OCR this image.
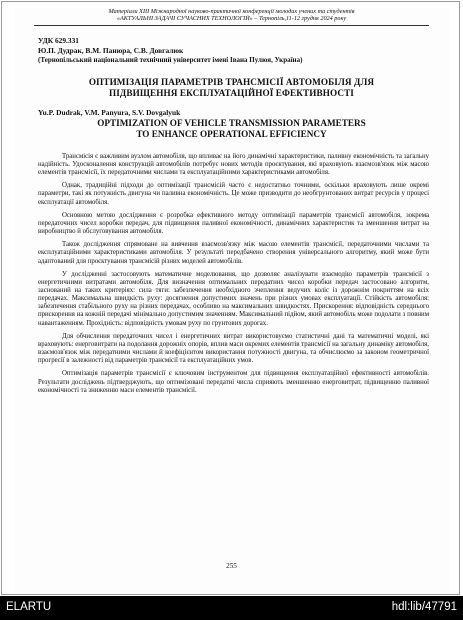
Матеріали XIII Міжнародної науково-практичної конференції молодих учених та студентів
«АКТУАЛЬНІ ЗАДАЧІ СУЧАСНИХ ТЕХНОЛОГІЙ» – Тернопіль,11-12 грудня 2024 року
УДК 629.331
Ю.П. Дудрак, В.М. Панюра, С.В. Довгалюк
(Тернопільський національний технічний університет імені Івана Пулюя, Україна)
ОПТИМІЗАЦІЯ ПАРАМЕТРІВ ТРАНСМІСІЇ АВТОМОБІЛЯ ДЛЯ
ПІДВИЩЕННЯ ЕКСПЛУАТАЦІЙНОЇ ЕФЕКТИВНОСТІ
Yu.P. Dudrak, V.M. Panyura, S.V. Dovgalyuk
OPTIMIZATION OF VEHICLE TRANSMISSION PARAMETERS
TO ENHANCE OPERATIONAL EFFICIENCY

Трансмісія є важливим вузлом автомобіля, що впливає на його динамічні характеристики, паливну економічність та загальну надійність. Удосконалення конструкцій автомобілів потребує нових методів проєктування, які враховують взаємозв'язок між масою елементів трансмісії, їх передаточними числами та експлуатаційними характеристиками автомобіля.

Однак, традиційні підходи до оптимізації трансмісій часто є недостатньо точними, оскільки враховують лише окремі параметри, такі як потужність двигуна чи паливна економічність. Це може призводити до необгрунтованих витрат ресурсів у процесі експлуатації автомобіля.

Основною метою дослідження є розробка ефективного методу оптимізації параметрів трансмісії автомобіля, зокрема передаточних чисел коробки передач, для підвищення паливної економічності, динамічних характеристик та зменшення витрат на виробництво й обслуговування автомобіля.

Також дослідження спрямоване на вивчення взаємозв'язку між масою елементів трансмісії, передаточними числами та експлуатаційними характеристиками автомобіля. У результаті передбачено створення універсального алгоритму, який може бути адаптований для проєктування трансмісій різних моделей автомобілів.

У дослідженні застосовують математичне моделювання, що дозволяє аналізувати взаємодію параметрів трансмісії з енергетичними витратами автомобіля. Для визначення оптимальних передатних чисел коробки передач застосовано алгоритм, заснований на таких критеріях: сила тяги: забезпечення необхідного зчеплення ведучих коліс із дорожнім покриттям на всіх передачах. Максимальна швидкість руху: досягнення допустимих значень при різних умовах експлуатації. Стійкість автомобіля: забезпечення стабільного руху на різних передачах, особливо на максимальних швидкостях. Прискорення: відповідність середнього прискорення на кожній передачі мінімально допустимим значенням. Максимальний підйом, який автомобіль може подолати з повним навантаженням. Прохідність: відповідність умовам руху по грунтових дорогах.

Для обчислення передаточних чисел і енергетичних витрат використовуємо статистичні дані та математичні моделі, які враховують: енерговитрати на подолання дорожніх опорів, вплив маси окремих елементів трансмісії на загальну динаміку автомобіля, взаємозв'язок між передатними числами й коефіцієнтом використання потужності двигуна, та обчислюємо за законом геометричної прогресії в залежності від параметрів трансмісії та експлуатаційних умов.

Оптимізація параметрів трансмісії є ключовим інструментом для підвищення експлуатаційної ефективності автомобілів. Результати досліджень підтверджують, що оптимізовані передатні числа сприяють зменшенню енерговитрат, підвищенню паливної економічності та зниженню маси елементів трансмісії.

255
ELARTU	hdl:lib/47791
